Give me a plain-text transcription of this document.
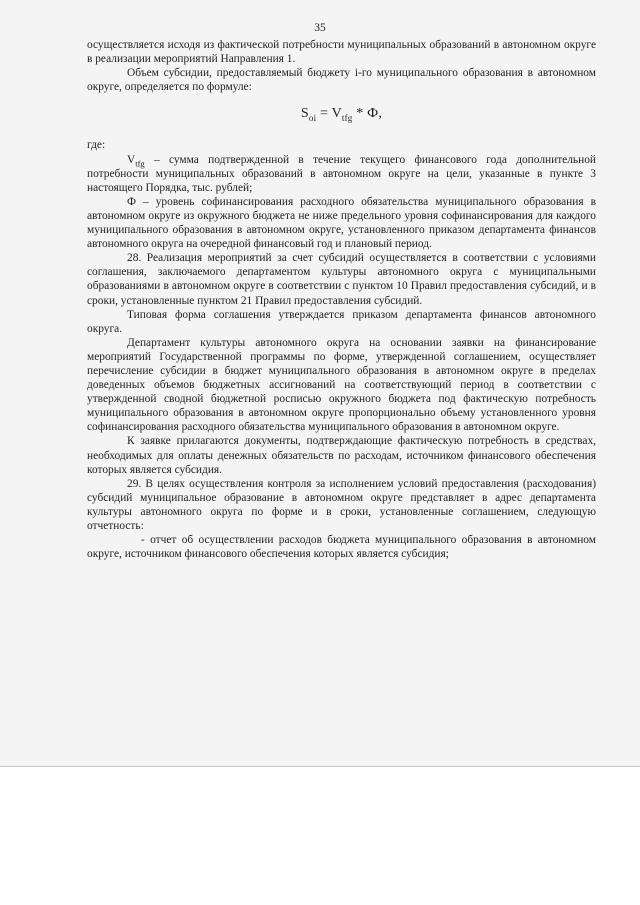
35

осуществляется исходя из фактической потребности муниципальных образований в автономном округе в реализации мероприятий Направления 1.

Объем субсидии, предоставляемый бюджету i-го муниципального образования в автономном округе, определяется по формуле:

$S_{oi} = V_{tfg} * Ф$,

где:

$V_{tfg}$ – сумма подтвержденной в течение текущего финансового года дополнительной потребности муниципальных образований в автономном округе на цели, указанные в пункте 3 настоящего Порядка, тыс. рублей;

Ф – уровень софинансирования расходного обязательства муниципального образования в автономном округе из окружного бюджета не ниже предельного уровня софинансирования для каждого муниципального образования в автономном округе, установленного приказом департамента финансов автономного округа на очередной финансовый год и плановый период.

28. Реализация мероприятий за счет субсидий осуществляется в соответствии с условиями соглашения, заключаемого департаментом культуры автономного округа с муниципальными образованиями в автономном округе в соответствии с пунктом 10 Правил предоставления субсидий, и в сроки, установленные пунктом 21 Правил предоставления субсидий.

Типовая форма соглашения утверждается приказом департамента финансов автономного округа.

Департамент культуры автономного округа на основании заявки на финансирование мероприятий Государственной программы по форме, утвержденной соглашением, осуществляет перечисление субсидии в бюджет муниципального образования в автономном округе в пределах доведенных объемов бюджетных ассигнований на соответствующий период в соответствии с утвержденной сводной бюджетной росписью окружного бюджета под фактическую потребность муниципального образования в автономном округе пропорционально объему установленного уровня софинансирования расходного обязательства муниципального образования в автономном округе.

К заявке прилагаются документы, подтверждающие фактическую потребность в средствах, необходимых для оплаты денежных обязательств по расходам, источником финансового обеспечения которых является субсидия.

29. В целях осуществления контроля за исполнением условий предоставления (расходования) субсидий муниципальное образование в автономном округе представляет в адрес департамента культуры автономного округа по форме и в сроки, установленные соглашением, следующую отчетность:

- отчет об осуществлении расходов бюджета муниципального образования в автономном округе, источником финансового обеспечения которых является субсидия;
